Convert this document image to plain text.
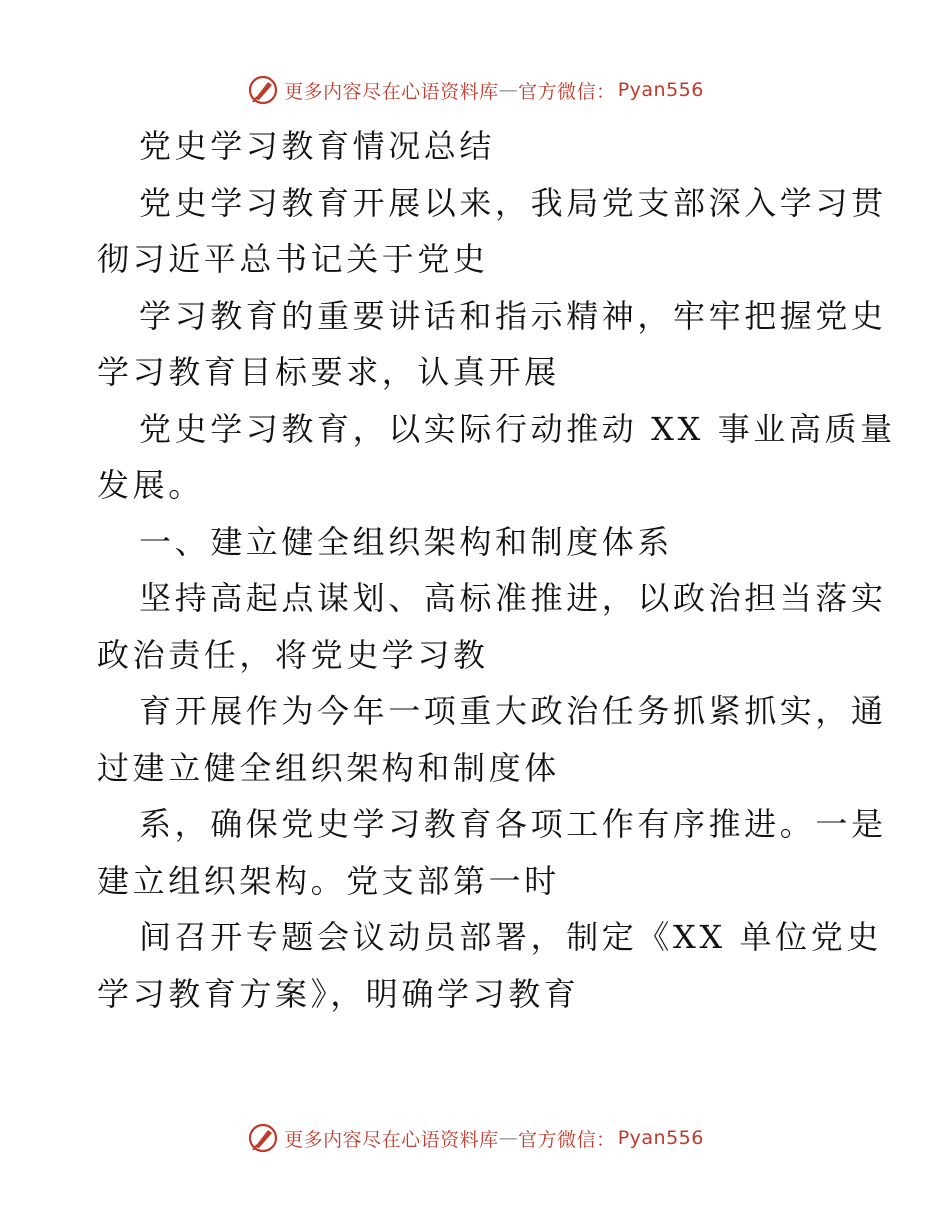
更多内容尽在心语资料库 — 官方微信： Pyan556

党史学习教育情况总结

党史学习教育开展以来，我局党支部深入学习贯
彻习近平总书记关于党史

学习教育的重要讲话和指示精神，牢牢把握党史
学习教育目标要求，认真开展

党史学习教育，以实际行动推动 XX 事业高质量
发展。

一、建立健全组织架构和制度体系

坚持高起点谋划、高标准推进，以政治担当落实
政治责任，将党史学习教

育开展作为今年一项重大政治任务抓紧抓实，通
过建立健全组织架构和制度体

系，确保党史学习教育各项工作有序推进。一是
建立组织架构。党支部第一时

间召开专题会议动员部署，制定《XX 单位党史
学习教育方案》，明确学习教育

更多内容尽在心语资料库 — 官方微信： Pyan556
